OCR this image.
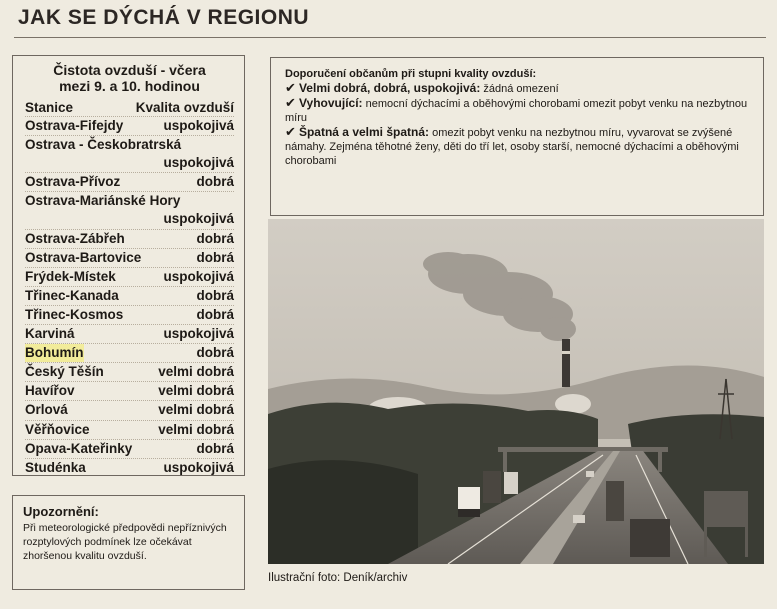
JAK SE DÝCHÁ V REGIONU

Čistota ovzduší - včera

mezi 9. a 10. hodinou

Stanice	Kvalita ovzduší
Ostrava-Fifejdy	uspokojivá
Ostrava - Českobratrská
uspokojivá
Ostrava-Přívoz	dobrá
Ostrava-Mariánské Hory
uspokojivá
Ostrava-Zábřeh	dobrá
Ostrava-Bartovice	dobrá
Frýdek-Místek	uspokojivá
Třinec-Kanada	dobrá
Třinec-Kosmos	dobrá
Karviná	uspokojivá
Bohumín	dobrá
Český Těšín	velmi dobrá
Havířov	velmi dobrá
Orlová	velmi dobrá
Věřňovice	velmi dobrá
Opava-Kateřinky	dobrá
Studénka	uspokojivá

Upozornění:

Při meteorologické předpovědi nepříznivých rozptylových podmínek lze očekávat zhoršenou kvalitu ovzduší.

Doporučení občanům při stupni kvality ovzduší:

✔ Velmi dobrá, dobrá, uspokojivá: žádná omezení

✔ Vyhovující: nemocní dýchacími a oběhovými chorobami omezit pobyt venku na nezbytnou míru

✔ Špatná a velmi špatná: omezit pobyt venku na nezbytnou míru, vyvarovat se zvýšené námahy. Zejména těhotné ženy, děti do tří let, osoby starší, nemocné dýchacími a oběhovými chorobami

Ilustrační foto: Deník/archiv
